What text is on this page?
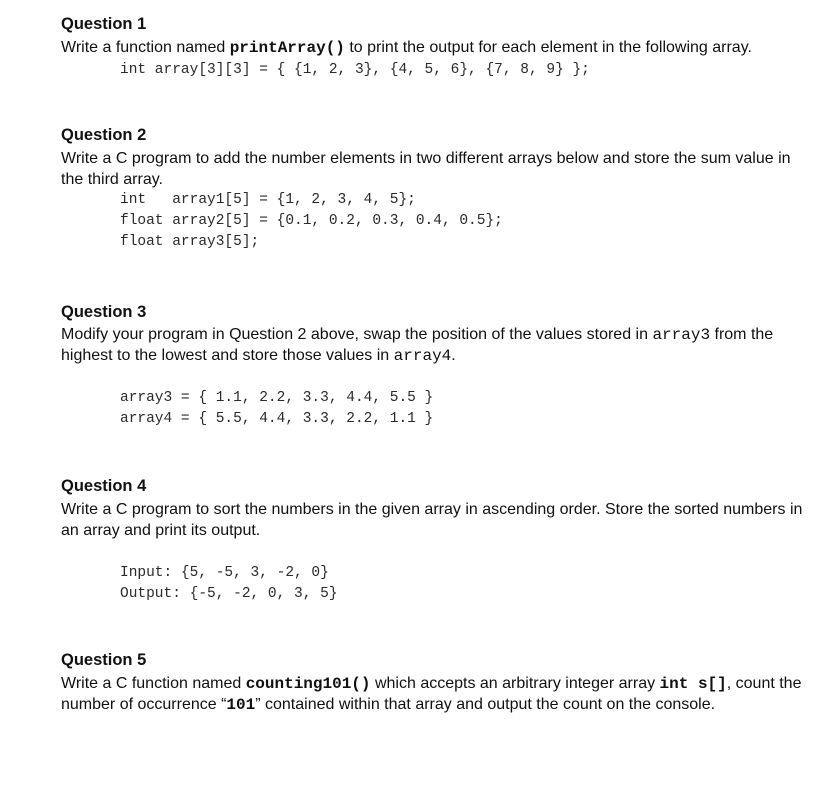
Question 1
Write a function named printArray() to print the output for each element in the following array.
int array[3][3] = { {1, 2, 3}, {4, 5, 6}, {7, 8, 9} };
Question 2
Write a C program to add the number elements in two different arrays below and store the sum value in
the third array.
int   array1[5] = {1, 2, 3, 4, 5};
float array2[5] = {0.1, 0.2, 0.3, 0.4, 0.5};
float array3[5];
Question 3
Modify your program in Question 2 above, swap the position of the values stored in array3 from the
highest to the lowest and store those values in array4.
array3 = { 1.1, 2.2, 3.3, 4.4, 5.5 }
array4 = { 5.5, 4.4, 3.3, 2.2, 1.1 }
Question 4
Write a C program to sort the numbers in the given array in ascending order. Store the sorted numbers in
an array and print its output.
Input: {5, -5, 3, -2, 0}
Output: {-5, -2, 0, 3, 5}
Question 5
Write a C function named counting101() which accepts an arbitrary integer array int s[], count the
number of occurrence “101” contained within that array and output the count on the console.
